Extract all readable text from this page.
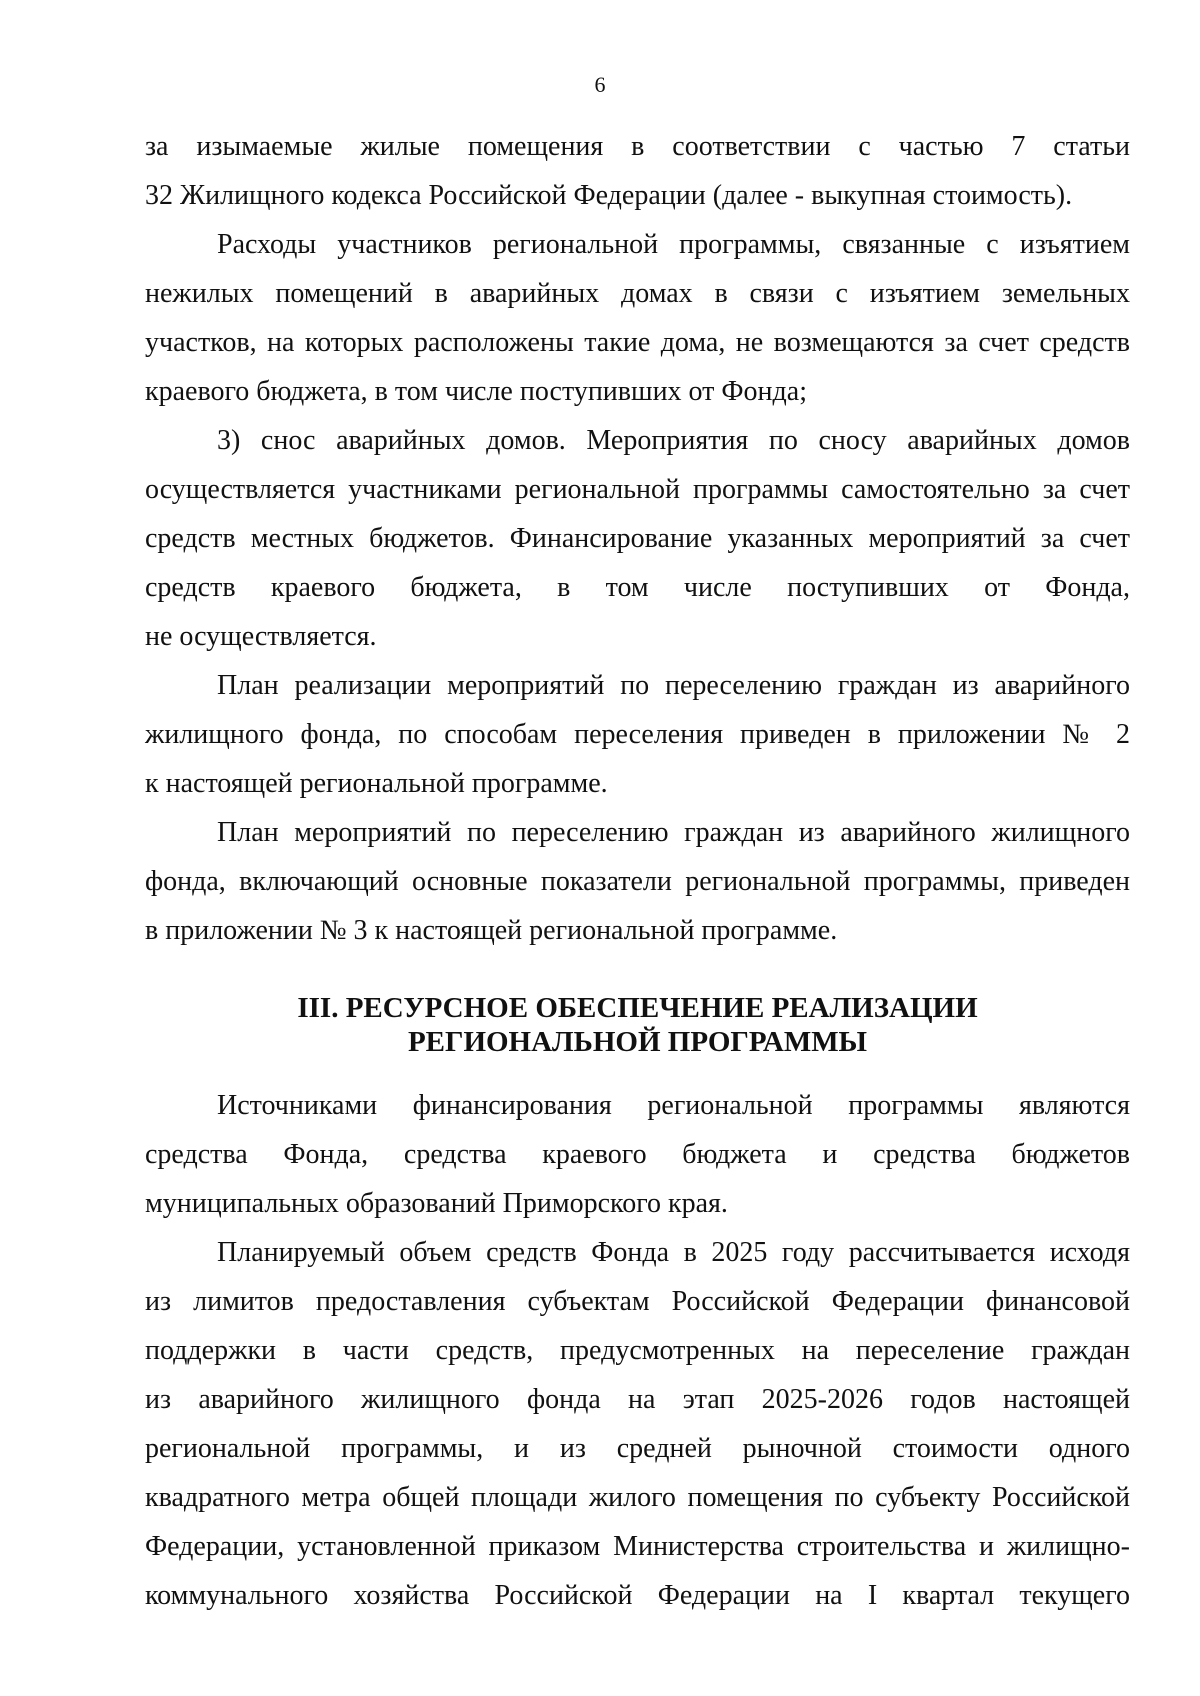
6

за изымаемые жилые помещения в соответствии с частью 7 статьи
32 Жилищного кодекса Российской Федерации (далее - выкупная стоимость).

Расходы участников региональной программы, связанные с изъятием
нежилых помещений в аварийных домах в связи с изъятием земельных
участков, на которых расположены такие дома, не возмещаются за счет средств
краевого бюджета, в том числе поступивших от Фонда;

3) снос аварийных домов. Мероприятия по сносу аварийных домов
осуществляется участниками региональной программы самостоятельно за счет
средств местных бюджетов. Финансирование указанных мероприятий за счет
средств краевого бюджета, в том числе поступивших от Фонда,
не осуществляется.

План реализации мероприятий по переселению граждан из аварийного
жилищного фонда, по способам переселения приведен в приложении № 2
к настоящей региональной программе.

План мероприятий по переселению граждан из аварийного жилищного
фонда, включающий основные показатели региональной программы, приведен
в приложении № 3 к настоящей региональной программе.

III. РЕСУРСНОЕ ОБЕСПЕЧЕНИЕ РЕАЛИЗАЦИИ
РЕГИОНАЛЬНОЙ ПРОГРАММЫ

Источниками финансирования региональной программы являются
средства Фонда, средства краевого бюджета и средства бюджетов
муниципальных образований Приморского края.

Планируемый объем средств Фонда в 2025 году рассчитывается исходя
из лимитов предоставления субъектам Российской Федерации финансовой
поддержки в части средств, предусмотренных на переселение граждан
из аварийного жилищного фонда на этап 2025-2026 годов настоящей
региональной программы, и из средней рыночной стоимости одного
квадратного метра общей площади жилого помещения по субъекту Российской
Федерации, установленной приказом Министерства строительства и жилищно-
коммунального хозяйства Российской Федерации на I квартал текущего
